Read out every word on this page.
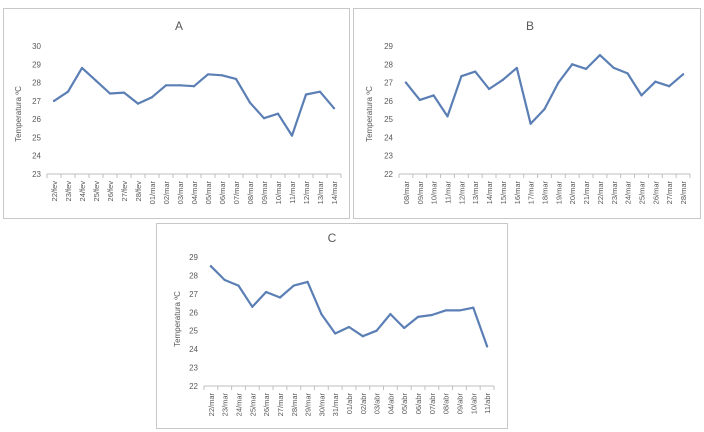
A
Temperatura ºC
23
24
25
26
27
28
29
30
22/fev 23/fev 24/fev 25/fev 26/fev 27/fev 28/fev 01/mar 02/mar 03/mar 04/mar 05/mar 06/mar 07/mar 08/mar 09/mar 10/mar 11/mar 12/mar 13/mar 14/mar
B
Temperatura ºC
22
23
24
25
26
27
28
29
08/mar 09/mar 10/mar 11/mar 12/mar 13/mar 14/mar 15/mar 16/mar 17/mar 18/mar 19/mar 20/mar 21/mar 22/mar 23/mar 24/mar 25/mar 26/mar 27/mar 28/mar
C
Temperatura ºC
22
23
24
25
26
27
28
29
22/mar 23/mar 24/mar 25/mar 26/mar 27/mar 28/mar 29/mar 30/mar 31/mar 01/abr 02/abr 03/abr 04/abr 05/abr 06/abr 07/abr 08/abr 09/abr 10/abr 11/abr
